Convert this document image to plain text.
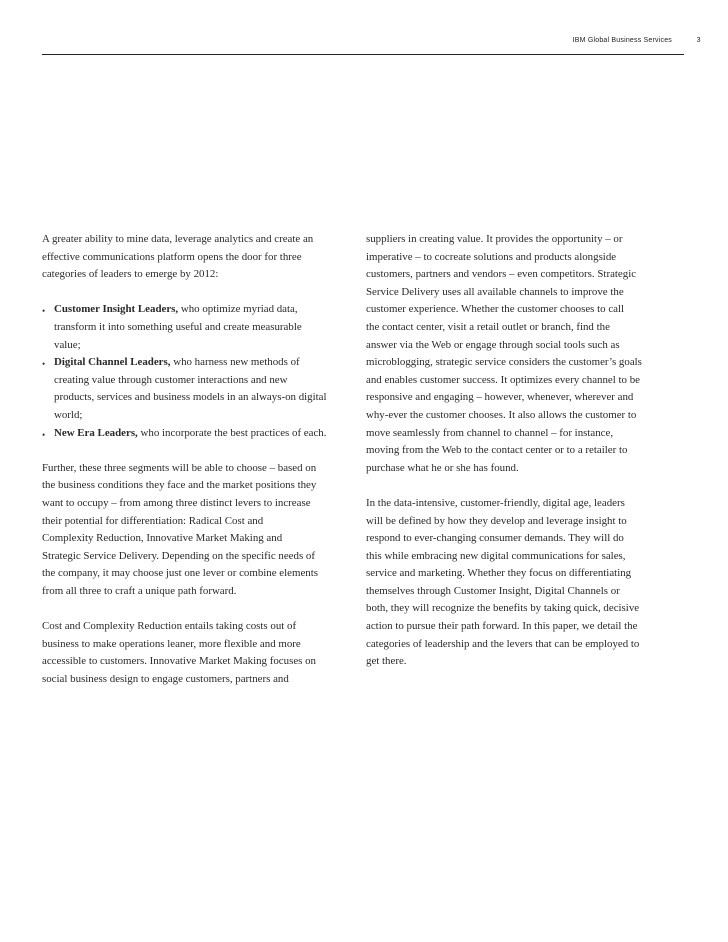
IBM Global Business Services	3

A greater ability to mine data, leverage analytics and create an
effective communications platform opens the door for three
categories of leaders to emerge by 2012:

• Customer Insight Leaders, who optimize myriad data,
transform it into something useful and create measurable
value;
• Digital Channel Leaders, who harness new methods of
creating value through customer interactions and new
products, services and business models in an always-on digital
world;
• New Era Leaders, who incorporate the best practices of each.

Further, these three segments will be able to choose – based on
the business conditions they face and the market positions they
want to occupy – from among three distinct levers to increase
their potential for differentiation: Radical Cost and
Complexity Reduction, Innovative Market Making and
Strategic Service Delivery. Depending on the specific needs of
the company, it may choose just one lever or combine elements
from all three to craft a unique path forward.

Cost and Complexity Reduction entails taking costs out of
business to make operations leaner, more flexible and more
accessible to customers. Innovative Market Making focuses on
social business design to engage customers, partners and

suppliers in creating value. It provides the opportunity – or
imperative – to cocreate solutions and products alongside
customers, partners and vendors – even competitors. Strategic
Service Delivery uses all available channels to improve the
customer experience. Whether the customer chooses to call
the contact center, visit a retail outlet or branch, find the
answer via the Web or engage through social tools such as
microblogging, strategic service considers the customer’s goals
and enables customer success. It optimizes every channel to be
responsive and engaging – however, whenever, wherever and
why-ever the customer chooses. It also allows the customer to
move seamlessly from channel to channel – for instance,
moving from the Web to the contact center or to a retailer to
purchase what he or she has found.

In the data-intensive, customer-friendly, digital age, leaders
will be defined by how they develop and leverage insight to
respond to ever-changing consumer demands. They will do
this while embracing new digital communications for sales,
service and marketing. Whether they focus on differentiating
themselves through Customer Insight, Digital Channels or
both, they will recognize the benefits by taking quick, decisive
action to pursue their path forward. In this paper, we detail the
categories of leadership and the levers that can be employed to
get there.
